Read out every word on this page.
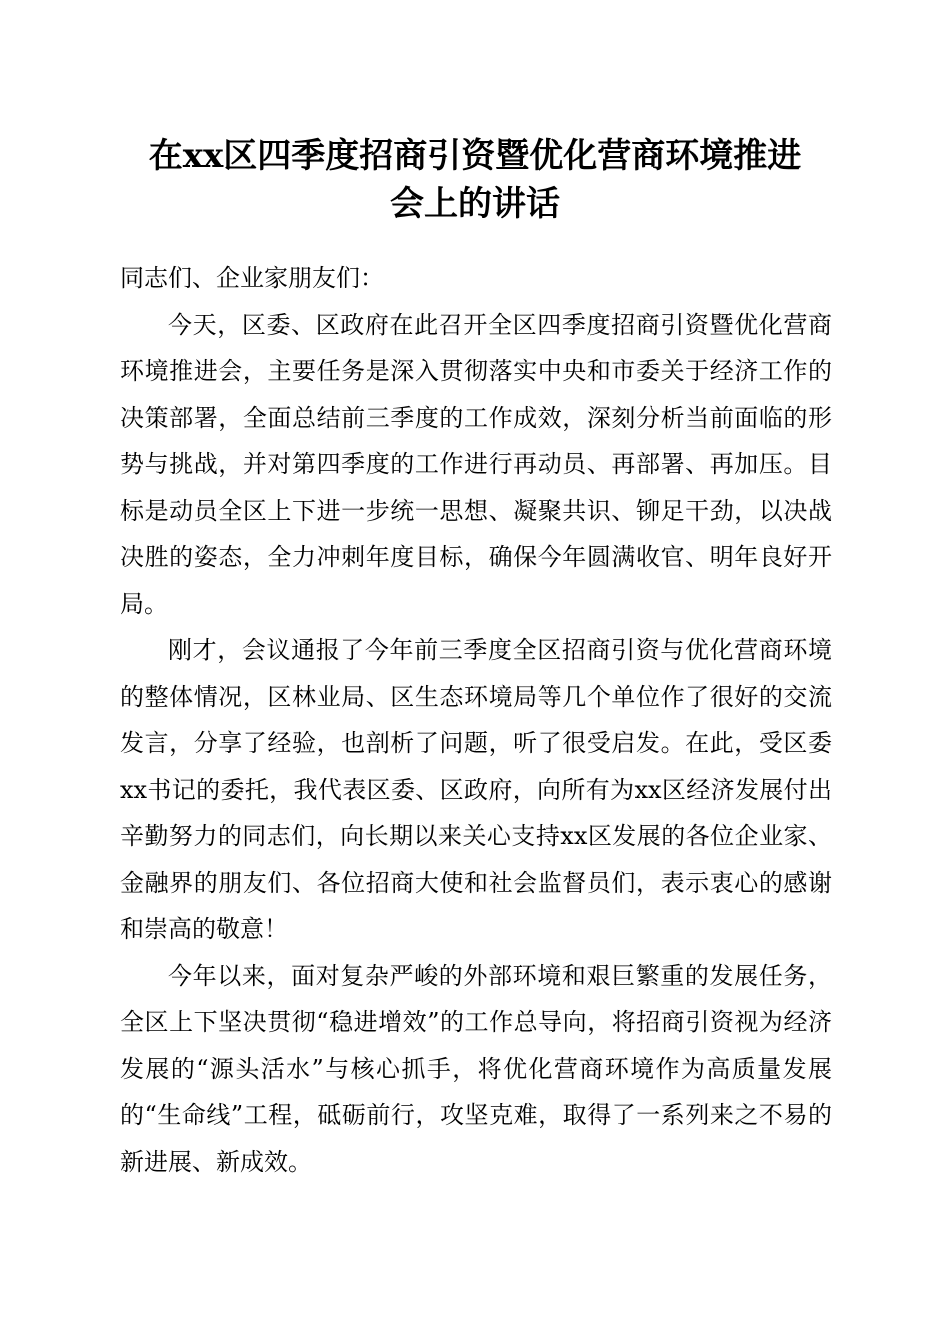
在xx区四季度招商引资暨优化营商环境推进
会上的讲话

同志们、企业家朋友们：

今天，区委、区政府在此召开全区四季度招商引资暨优化营商环境推进会，主要任务是深入贯彻落实中央和市委关于经济工作的决策部署，全面总结前三季度的工作成效，深刻分析当前面临的形势与挑战，并对第四季度的工作进行再动员、再部署、再加压。目标是动员全区上下进一步统一思想、凝聚共识、铆足干劲，以决战决胜的姿态，全力冲刺年度目标，确保今年圆满收官、明年良好开局。

刚才，会议通报了今年前三季度全区招商引资与优化营商环境的整体情况，区林业局、区生态环境局等几个单位作了很好的交流发言，分享了经验，也剖析了问题，听了很受启发。在此，受区委xx书记的委托，我代表区委、区政府，向所有为xx区经济发展付出辛勤努力的同志们，向长期以来关心支持xx区发展的各位企业家、金融界的朋友们、各位招商大使和社会监督员们，表示衷心的感谢和崇高的敬意！

今年以来，面对复杂严峻的外部环境和艰巨繁重的发展任务，全区上下坚决贯彻“稳进增效”的工作总导向，将招商引资视为经济发展的“源头活水”与核心抓手，将优化营商环境作为高质量发展的“生命线”工程，砥砺前行，攻坚克难，取得了一系列来之不易的新进展、新成效。
